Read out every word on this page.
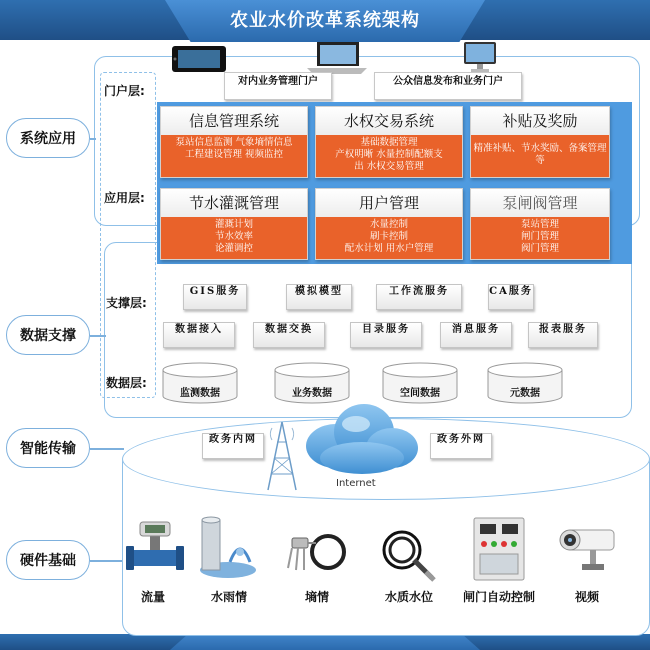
农业水价改革系统架构
系统应用
数据支撑
智能传输
硬件基础
门户层:
应用层:
支撑层:
数据层:
对内业务管理门户	公众信息发布和业务门户
信息管理系统
泵站信息监测 气象墒情信息
工程建设管理 视频监控
水权交易系统
基础数据管理
产权明晰 水量控制配额支
出 水权交易管理
补贴及奖励
精准补贴、节水奖励、备案管理等
节水灌溉管理
灌溉计划
节水效率
论灌调控
用户管理
水量控制
刷卡控制
配水计划 用水户管理
泵闸阀管理
泵站管理
闸门管理
阀门管理
GIS服务	模拟模型	工作流服务	CA服务
数据接入	数据交换	目录服务	消息服务	报表服务
监测数据	业务数据	空间数据	元数据
政务内网	政务外网
Internet
流量	水雨情	墒情	水质水位	闸门自动控制	视频
